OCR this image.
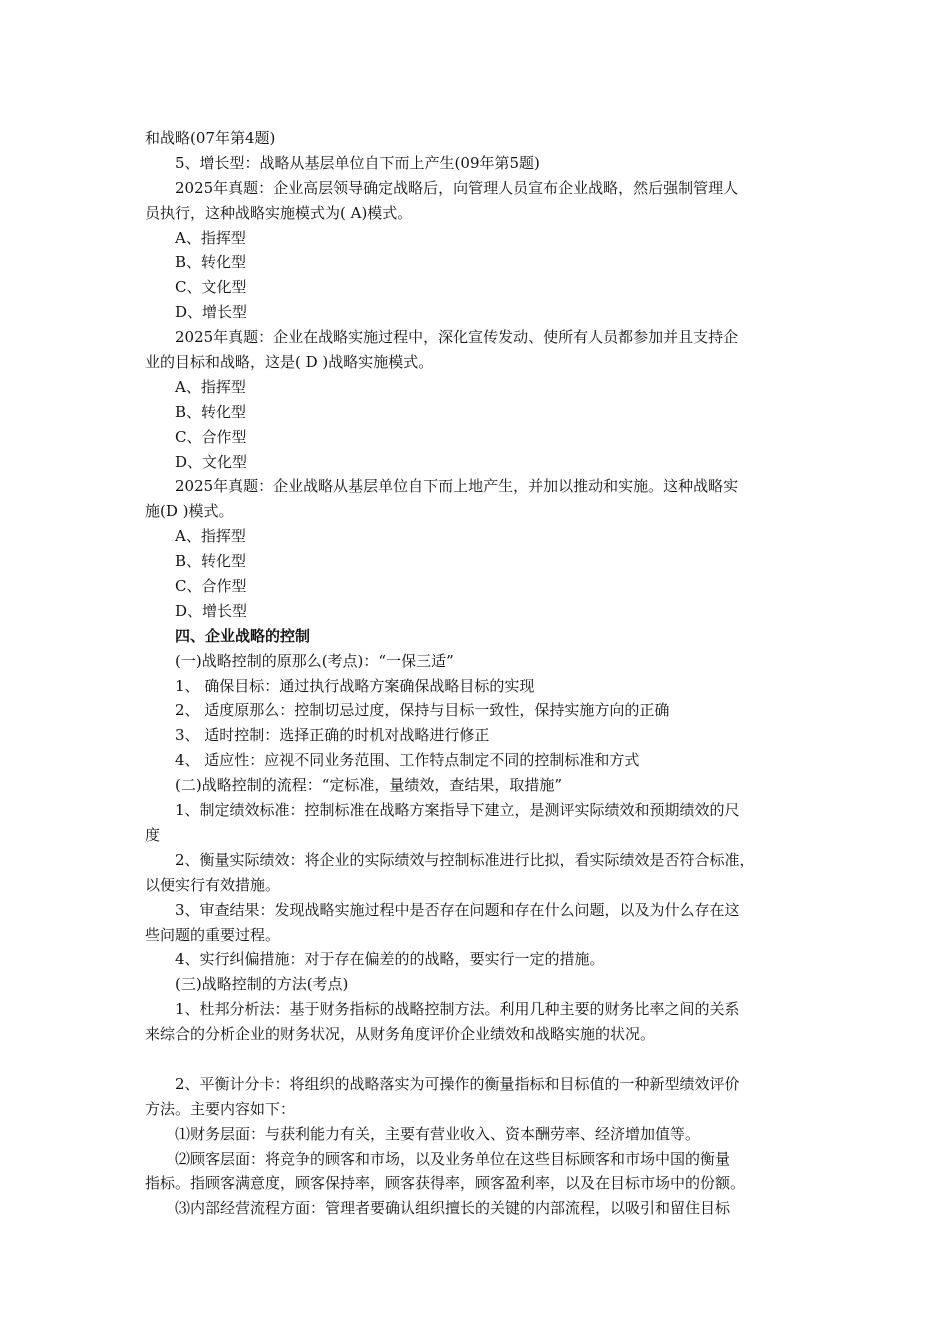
和战略(07年第4题)
5、增长型：战略从基层单位自下而上产生(09年第5题)
2025年真题：企业高层领导确定战略后，向管理人员宣布企业战略，然后强制管理人
员执行，这种战略实施模式为( A)模式。
A、指挥型
B、转化型
C、文化型
D、增长型
2025年真题：企业在战略实施过程中，深化宣传发动、使所有人员都参加并且支持企
业的目标和战略，这是( D )战略实施模式。
A、指挥型
B、转化型
C、合作型
D、文化型
2025年真题：企业战略从基层单位自下而上地产生，并加以推动和实施。这种战略实
施(D )模式。
A、指挥型
B、转化型
C、合作型
D、增长型
四、企业战略的控制
(一)战略控制的原那么(考点)：“一保三适”
1、 确保目标：通过执行战略方案确保战略目标的实现
2、 适度原那么：控制切忌过度，保持与目标一致性，保持实施方向的正确
3、 适时控制：选择正确的时机对战略进行修正
4、 适应性：应视不同业务范围、工作特点制定不同的控制标准和方式
(二)战略控制的流程：“定标准，量绩效，查结果，取措施”
1、制定绩效标准：控制标准在战略方案指导下建立，是测评实际绩效和预期绩效的尺
度
2、衡量实际绩效：将企业的实际绩效与控制标准进行比拟，看实际绩效是否符合标准，
以便实行有效措施。
3、审查结果：发现战略实施过程中是否存在问题和存在什么问题，以及为什么存在这
些问题的重要过程。
4、实行纠偏措施：对于存在偏差的的战略，要实行一定的措施。
(三)战略控制的方法(考点)
1、杜邦分析法：基于财务指标的战略控制方法。利用几种主要的财务比率之间的关系
来综合的分析企业的财务状况，从财务角度评价企业绩效和战略实施的状况。
2、平衡计分卡：将组织的战略落实为可操作的衡量指标和目标值的一种新型绩效评价
方法。主要内容如下：
⑴财务层面：与获利能力有关，主要有营业收入、资本酬劳率、经济增加值等。
⑵顾客层面：将竞争的顾客和市场，以及业务单位在这些目标顾客和市场中国的衡量
指标。指顾客满意度，顾客保持率，顾客获得率，顾客盈利率，以及在目标市场中的份额。
⑶内部经营流程方面：管理者要确认组织擅长的关键的内部流程，以吸引和留住目标
